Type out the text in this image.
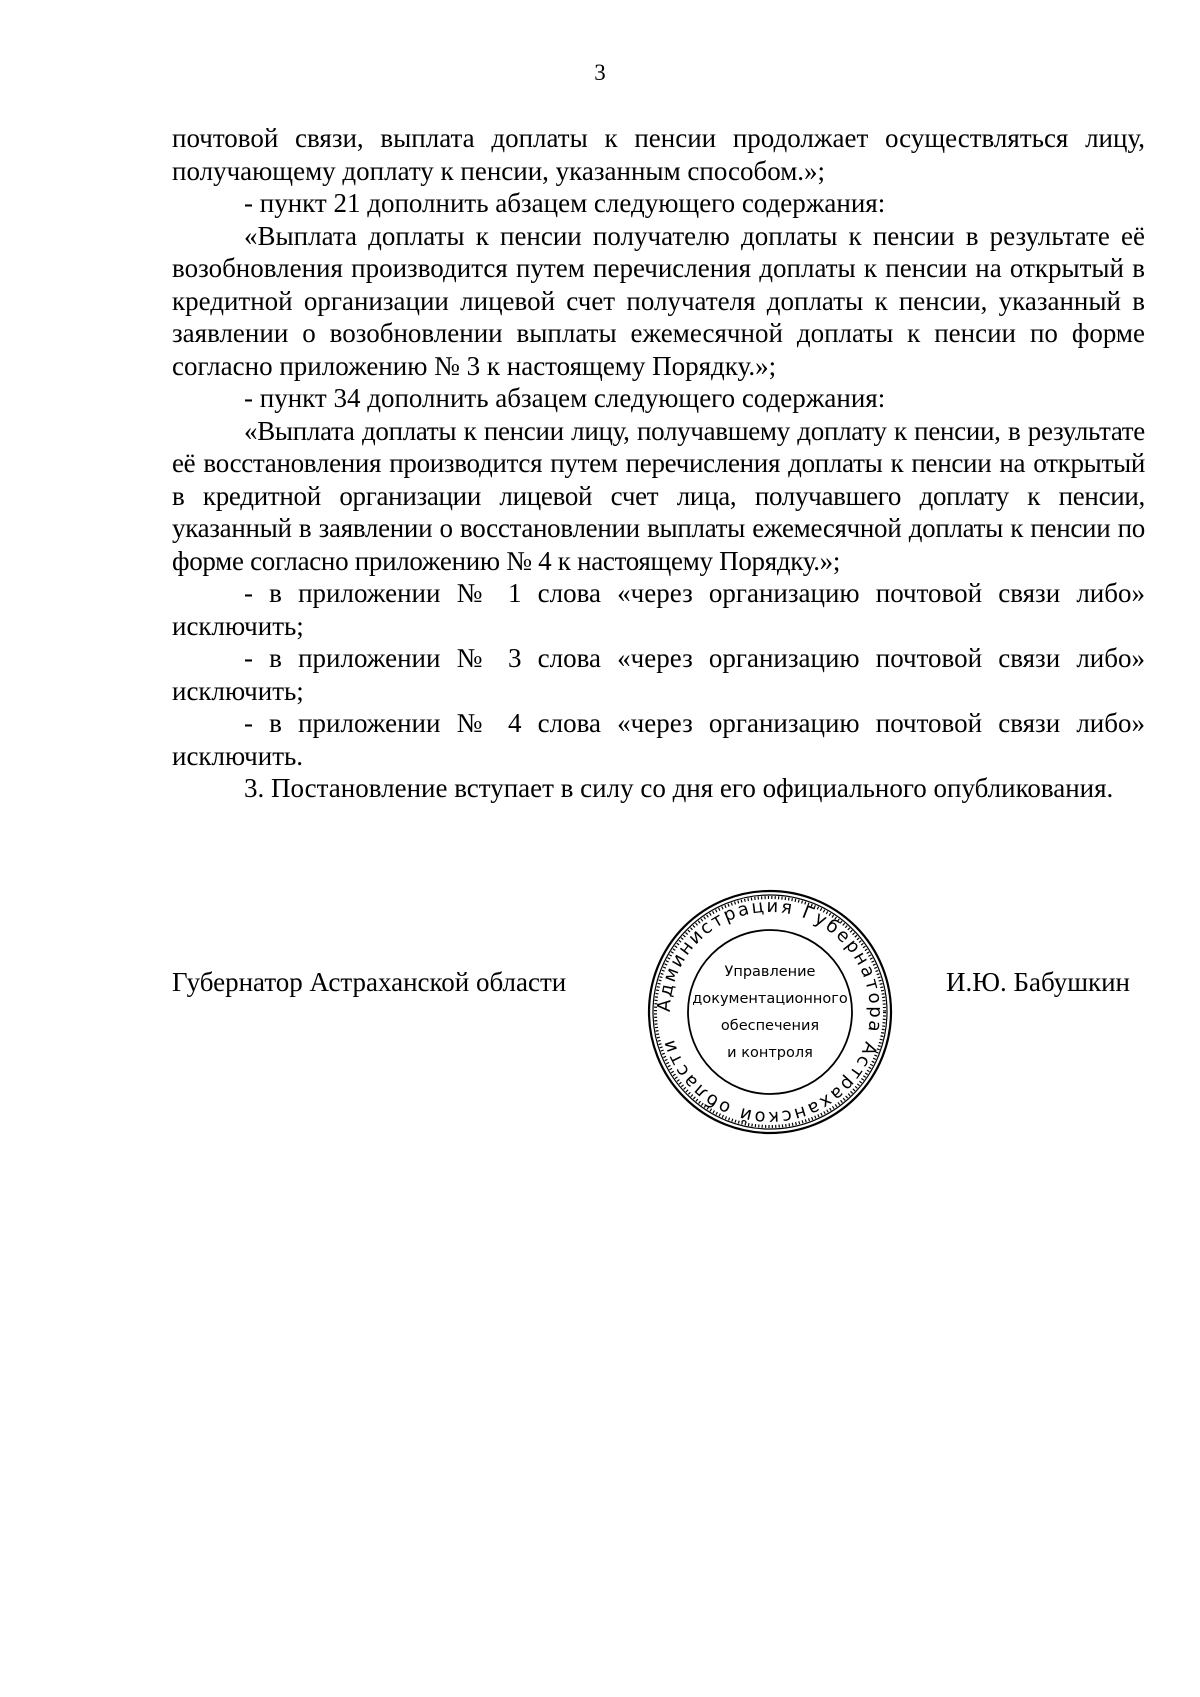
3

почтовой связи, выплата доплаты к пенсии продолжает осуществляться лицу, получающему доплату к пенсии, указанным способом.»;

- пункт 21 дополнить абзацем следующего содержания:

«Выплата доплаты к пенсии получателю доплаты к пенсии в результате её возобновления производится путем перечисления доплаты к пенсии на открытый в кредитной организации лицевой счет получателя доплаты к пенсии, указанный в заявлении о возобновлении выплаты ежемесячной доплаты к пенсии по форме согласно приложению № 3 к настоящему Порядку.»;

- пункт 34 дополнить абзацем следующего содержания:

«Выплата доплаты к пенсии лицу, получавшему доплату к пенсии, в результате её восстановления производится путем перечисления доплаты к пенсии на открытый в кредитной организации лицевой счет лица, получавшего доплату к пенсии, указанный в заявлении о восстановлении выплаты ежемесячной доплаты к пенсии по форме согласно приложению № 4 к настоящему Порядку.»;

- в приложении № 1 слова «через организацию почтовой связи либо» исключить;

- в приложении № 3 слова «через организацию почтовой связи либо» исключить;

- в приложении № 4 слова «через организацию почтовой связи либо» исключить.

3. Постановление вступает в силу со дня его официального опубликования.

Губернатор Астраханской области	И.Ю. Бабушкин
Администрация Губернатора Астраханской области
Управление
документационного
обеспечения
и контроля
